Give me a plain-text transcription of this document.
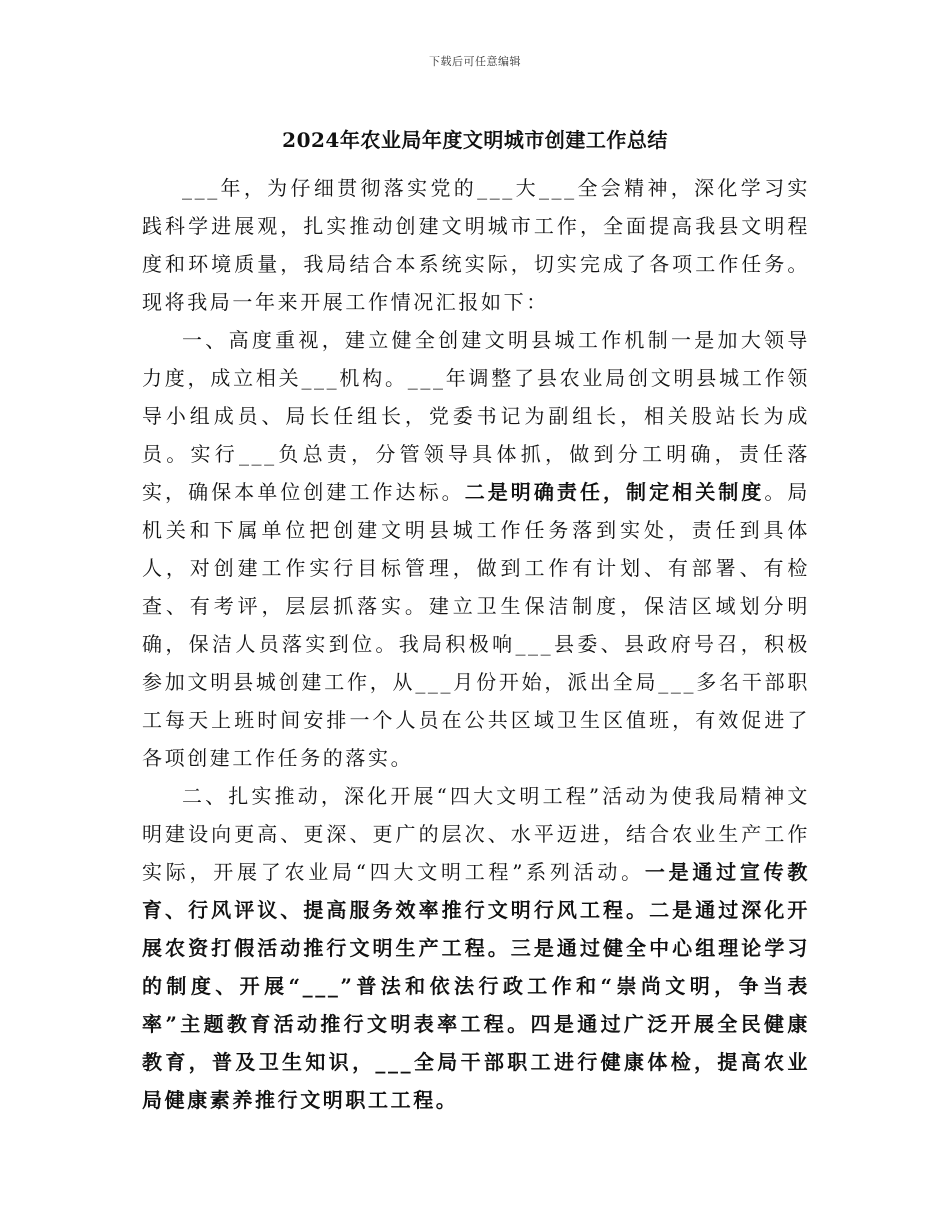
下载后可任意编辑
2024年农业局年度文明城市创建工作总结

___年，为仔细贯彻落实党的___大___全会精神，深化学习实践科学进展观，扎实推动创建文明城市工作，全面提高我县文明程度和环境质量，我局结合本系统实际，切实完成了各项工作任务。现将我局一年来开展工作情况汇报如下：

一、高度重视，建立健全创建文明县城工作机制一是加大领导力度，成立相关___机构。___年调整了县农业局创文明县城工作领导小组成员、局长任组长，党委书记为副组长，相关股站长为成员。实行___负总责，分管领导具体抓，做到分工明确，责任落实，确保本单位创建工作达标。二是明确责任，制定相关制度。局机关和下属单位把创建文明县城工作任务落到实处，责任到具体人，对创建工作实行目标管理，做到工作有计划、有部署、有检查、有考评，层层抓落实。建立卫生保洁制度，保洁区域划分明确，保洁人员落实到位。我局积极响___县委、县政府号召，积极参加文明县城创建工作，从___月份开始，派出全局___多名干部职工每天上班时间安排一个人员在公共区域卫生区值班，有效促进了各项创建工作任务的落实。

二、扎实推动，深化开展“四大文明工程”活动为使我局精神文明建设向更高、更深、更广的层次、水平迈进，结合农业生产工作实际，开展了农业局“四大文明工程”系列活动。一是通过宣传教育、行风评议、提高服务效率推行文明行风工程。二是通过深化开展农资打假活动推行文明生产工程。三是通过健全中心组理论学习的制度、开展“___”普法和依法行政工作和“崇尚文明，争当表率”主题教育活动推行文明表率工程。四是通过广泛开展全民健康教育，普及卫生知识，___全局干部职工进行健康体检，提高农业局健康素养推行文明职工工程。
